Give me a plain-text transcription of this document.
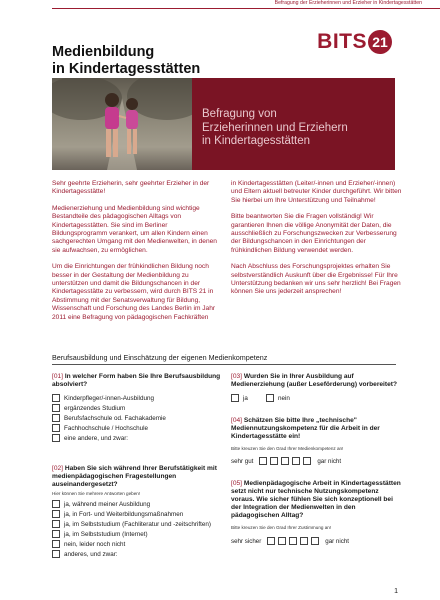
Befragung der Erzieherinnen und Erzieher in Kindertagesstätten
Medienbildung
in Kindertagesstätten
BITS 21
Befragung von
Erzieherinnen und Erziehern
in Kindertagesstätten

Sehr geehrte Erzieherin, sehr geehrter Erzieher in der Kindertagesstätte!

Medienerziehung und Medienbildung sind wichtige Bestandteile des pädagogischen Alltags von Kindertagesstätten. Sie sind im Berliner Bildungsprogramm verankert, um allen Kindern einen sachgerechten Umgang mit den Medienwelten, in denen sie aufwachsen, zu ermöglichen.

Um die Einrichtungen der frühkindlichen Bildung noch besser in der Gestaltung der Medienbildung zu unterstützen und damit die Bildungschancen in der Kindertagesstätte zu verbessern, wird durch BITS 21 in Abstimmung mit der Senatsverwaltung für Bildung, Wissenschaft und Forschung des Landes Berlin im Jahr 2011 eine Befragung von pädagogischen Fachkräften

in Kindertagesstätten (Leiter/-innen und Erzieher/-innen) und Eltern aktuell betreuter Kinder durchgeführt. Wir bitten Sie hierbei um Ihre Unterstützung und Teilnahme!

Bitte beantworten Sie die Fragen vollständig! Wir garantieren Ihnen die völlige Anonymität der Daten, die ausschließlich zu Forschungszwecken zur Verbesserung der Bildungschancen in den Einrichtungen der frühkindlichen Bildung verwendet werden.

Nach Abschluss des Forschungsprojektes erhalten Sie selbstverständlich Auskunft über die Ergebnisse! Für Ihre Unterstützung bedanken wir uns sehr herzlich! Bei Fragen können Sie uns jederzeit ansprechen!

Berufsausbildung und Einschätzung der eigenen Medienkompetenz
[01] In welcher Form haben Sie Ihre Berufsausbildung absolviert?
Kinderpfleger/-innen-Ausbildung
ergänzendes Studium
Berufsfachschule od. Fachakademie
Fachhochschule / Hochschule
eine andere, und zwar:
[02] Haben Sie sich während Ihrer Berufstätigkeit mit medienpädagogischen Fragestellungen auseinandergesetzt?
Hier können Sie mehrere Antworten geben!
ja, während meiner Ausbildung
ja, in Fort- und Weiterbildungsmaßnahmen
ja, im Selbststudium (Fachliteratur und -zeitschriften)
ja, im Selbststudium (Internet)
nein, leider noch nicht
anderes, und zwar:
[03] Wurden Sie in Ihrer Ausbildung auf Medienerziehung (außer Leseförderung) vorbereitet?
ja	nein
[04] Schätzen Sie bitte Ihre „technische" Mediennutzungskompetenz für die Arbeit in der Kindertagesstätte ein!
Bitte kreuzen Sie den Grad Ihrer Medienkompetenz an!
sehr gut	gar nicht
[05] Medienpädagogische Arbeit in Kindertagesstätten setzt nicht nur technische Nutzungskompetenz voraus. Wie sicher fühlen Sie sich konzeptionell bei der Integration der Medienwelten in den pädagogischen Alltag?
Bitte kreuzen Sie den Grad Ihrer Zustimmung an!
sehr sicher	gar nicht
1
